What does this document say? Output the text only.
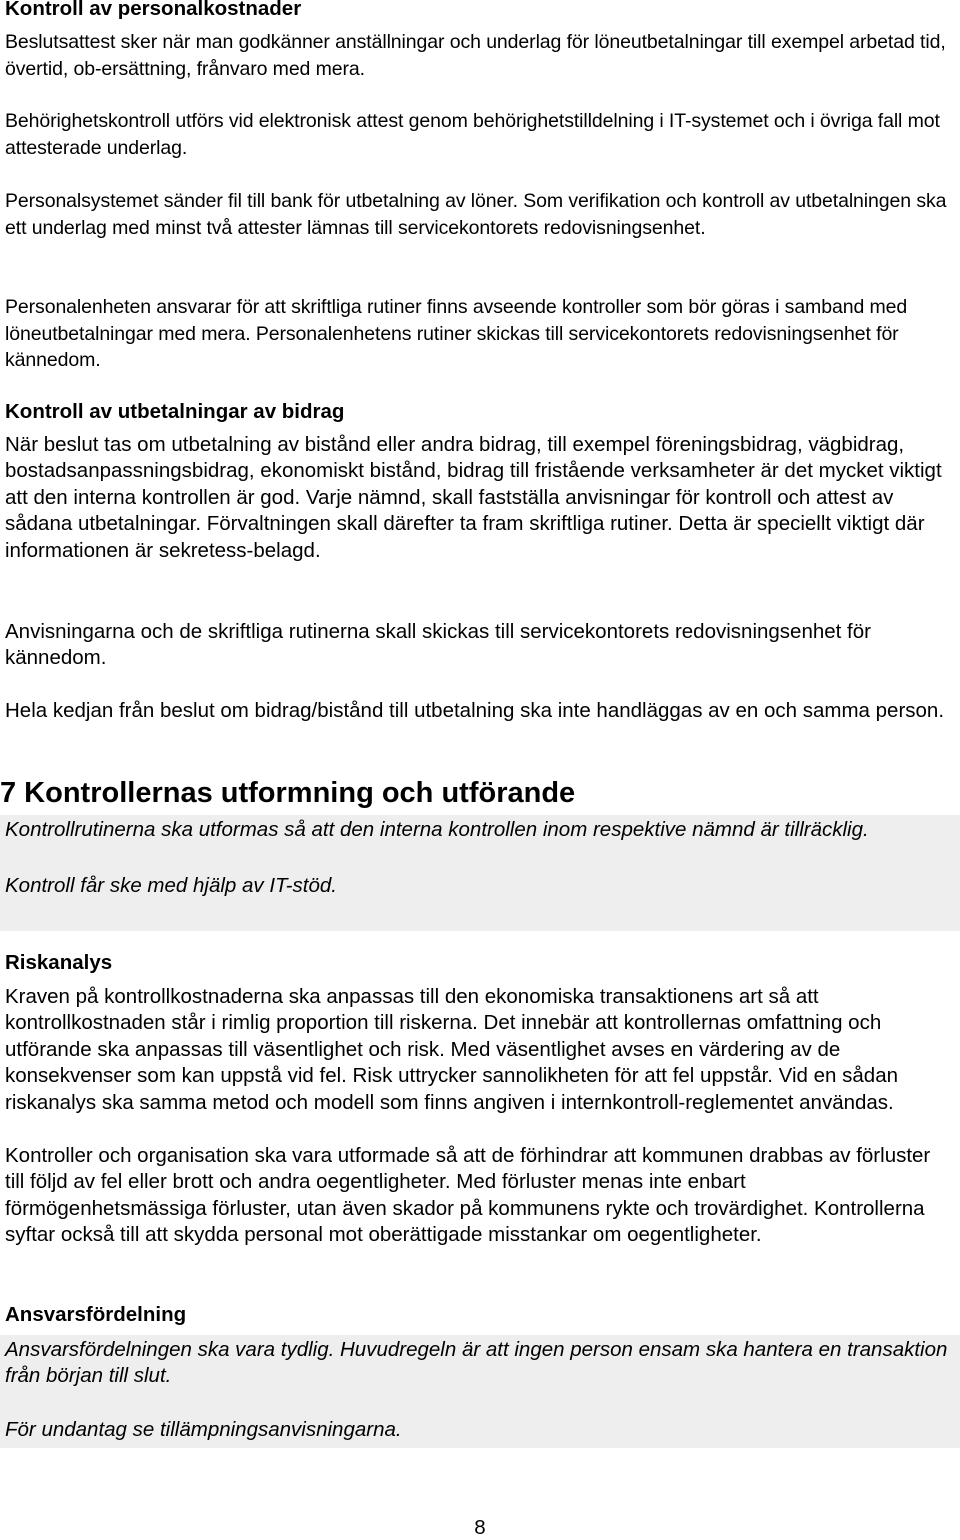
Kontroll av personalkostnader

Beslutsattest sker när man godkänner anställningar och underlag för löneutbetalningar till exempel arbetad tid, övertid, ob-ersättning, frånvaro med mera.

Behörighetskontroll utförs vid elektronisk attest genom behörighetstilldelning i IT-systemet och i övriga fall mot attesterade underlag.

Personalsystemet sänder fil till bank för utbetalning av löner. Som verifikation och kontroll av utbetalningen ska ett underlag med minst två attester lämnas till servicekontorets redovisningsenhet.

Personalenheten ansvarar för att skriftliga rutiner finns avseende kontroller som bör göras i samband med löneutbetalningar med mera. Personalenhetens rutiner skickas till servicekontorets redovisningsenhet för kännedom.

Kontroll av utbetalningar av bidrag

När beslut tas om utbetalning av bistånd eller andra bidrag, till exempel föreningsbidrag, vägbidrag, bostadsanpassningsbidrag, ekonomiskt bistånd, bidrag till fristående verksamheter är det mycket viktigt att den interna kontrollen är god. Varje nämnd, skall fastställa anvisningar för kontroll och attest av sådana utbetalningar. Förvaltningen skall därefter ta fram skriftliga rutiner. Detta är speciellt viktigt där informationen är sekretess-belagd.

Anvisningarna och de skriftliga rutinerna skall skickas till servicekontorets redovisningsenhet för kännedom.

Hela kedjan från beslut om bidrag/bistånd till utbetalning ska inte handläggas av en och samma person.

7 Kontrollernas utformning och utförande

Kontrollrutinerna ska utformas så att den interna kontrollen inom respektive nämnd är tillräcklig.

Kontroll får ske med hjälp av IT-stöd.

Riskanalys

Kraven på kontrollkostnaderna ska anpassas till den ekonomiska transaktionens art så att kontrollkostnaden står i rimlig proportion till riskerna. Det innebär att kontrollernas omfattning och utförande ska anpassas till väsentlighet och risk. Med väsentlighet avses en värdering av de konsekvenser som kan uppstå vid fel. Risk uttrycker sannolikheten för att fel uppstår. Vid en sådan riskanalys ska samma metod och modell som finns angiven i internkontroll-reglementet användas.

Kontroller och organisation ska vara utformade så att de förhindrar att kommunen drabbas av förluster till följd av fel eller brott och andra oegentligheter. Med förluster menas inte enbart förmögenhetsmässiga förluster, utan även skador på kommunens rykte och trovärdighet. Kontrollerna syftar också till att skydda personal mot oberättigade misstankar om oegentligheter.

Ansvarsfördelning

Ansvarsfördelningen ska vara tydlig. Huvudregeln är att ingen person ensam ska hantera en transaktion från början till slut.

För undantag se tillämpningsanvisningarna.

8
